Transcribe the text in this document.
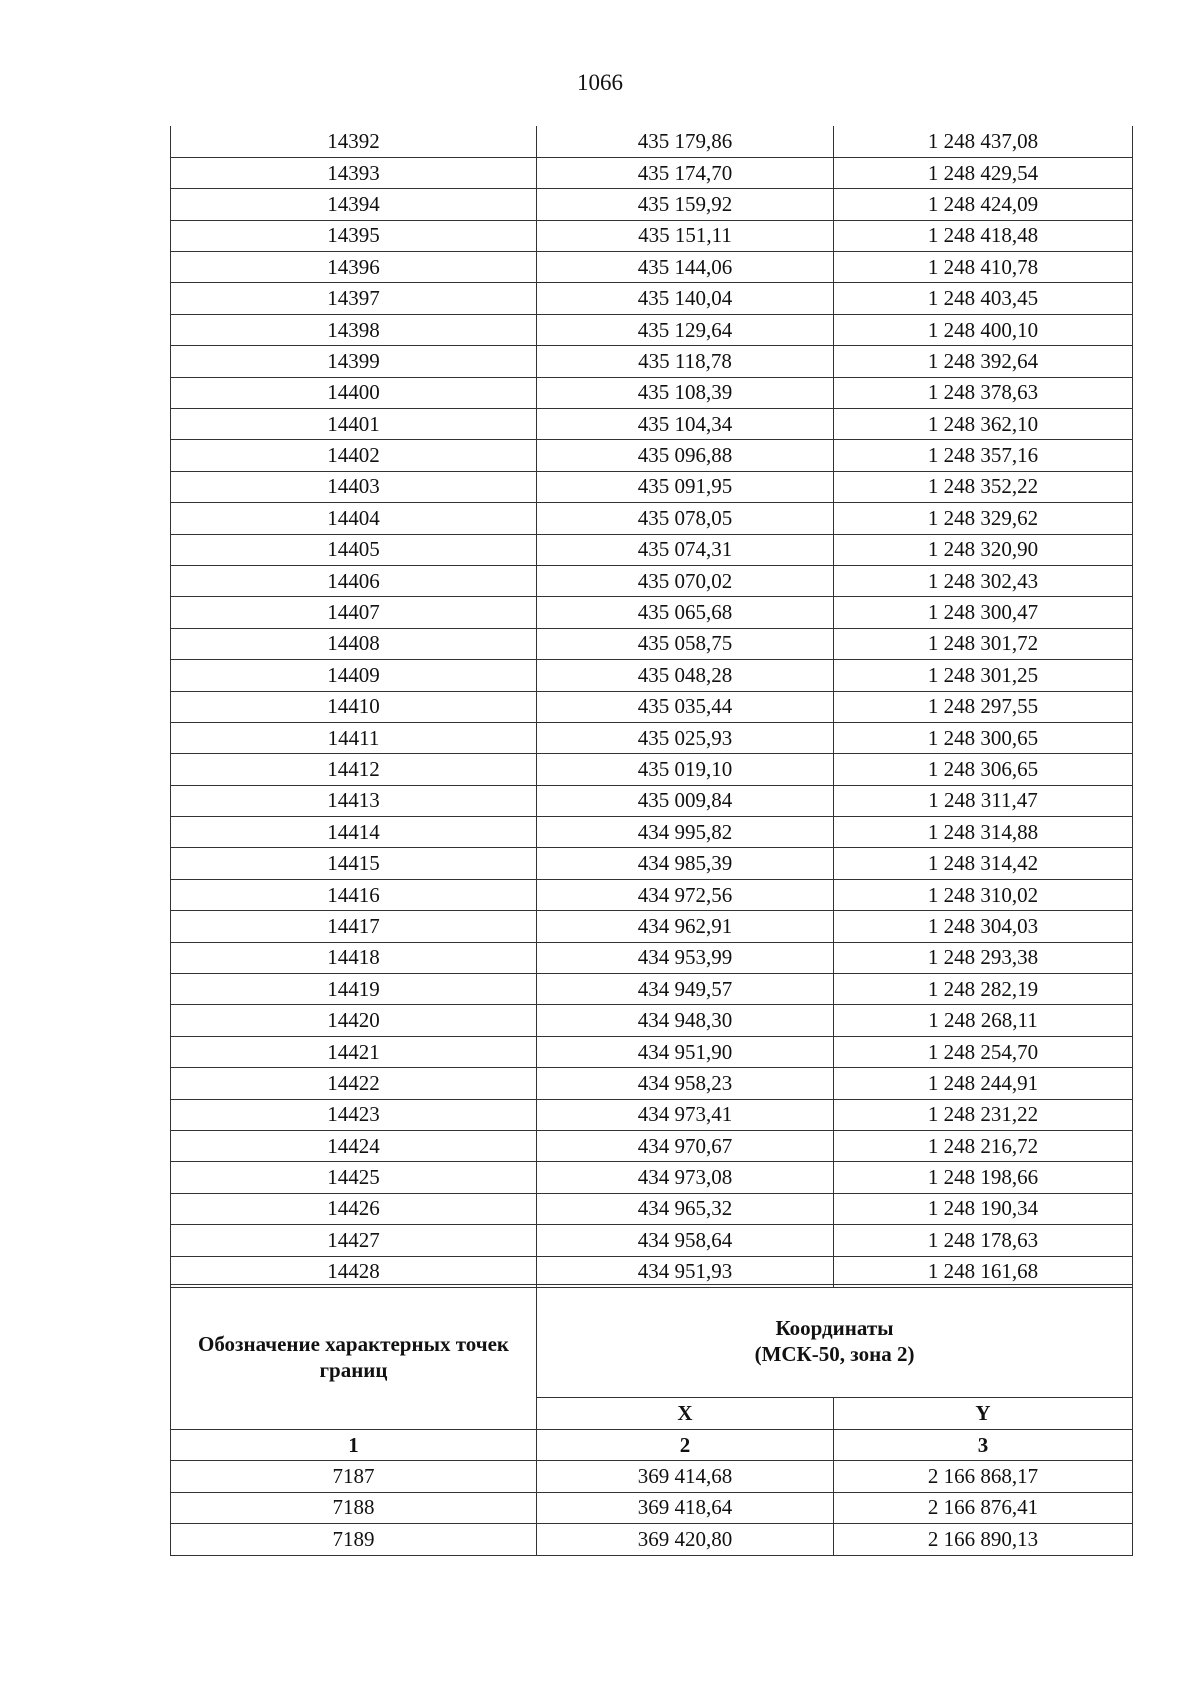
1066
14392	435 179,86	1 248 437,08
14393	435 174,70	1 248 429,54
14394	435 159,92	1 248 424,09
14395	435 151,11	1 248 418,48
14396	435 144,06	1 248 410,78
14397	435 140,04	1 248 403,45
14398	435 129,64	1 248 400,10
14399	435 118,78	1 248 392,64
14400	435 108,39	1 248 378,63
14401	435 104,34	1 248 362,10
14402	435 096,88	1 248 357,16
14403	435 091,95	1 248 352,22
14404	435 078,05	1 248 329,62
14405	435 074,31	1 248 320,90
14406	435 070,02	1 248 302,43
14407	435 065,68	1 248 300,47
14408	435 058,75	1 248 301,72
14409	435 048,28	1 248 301,25
14410	435 035,44	1 248 297,55
14411	435 025,93	1 248 300,65
14412	435 019,10	1 248 306,65
14413	435 009,84	1 248 311,47
14414	434 995,82	1 248 314,88
14415	434 985,39	1 248 314,42
14416	434 972,56	1 248 310,02
14417	434 962,91	1 248 304,03
14418	434 953,99	1 248 293,38
14419	434 949,57	1 248 282,19
14420	434 948,30	1 248 268,11
14421	434 951,90	1 248 254,70
14422	434 958,23	1 248 244,91
14423	434 973,41	1 248 231,22
14424	434 970,67	1 248 216,72
14425	434 973,08	1 248 198,66
14426	434 965,32	1 248 190,34
14427	434 958,64	1 248 178,63
14428	434 951,93	1 248 161,68
Обозначение характерных точек границ	Координаты
(МСК-50, зона 2)	

	X	Y
1	2	3
7187	369 414,68	2 166 868,17
7188	369 418,64	2 166 876,41
7189	369 420,80	2 166 890,13
